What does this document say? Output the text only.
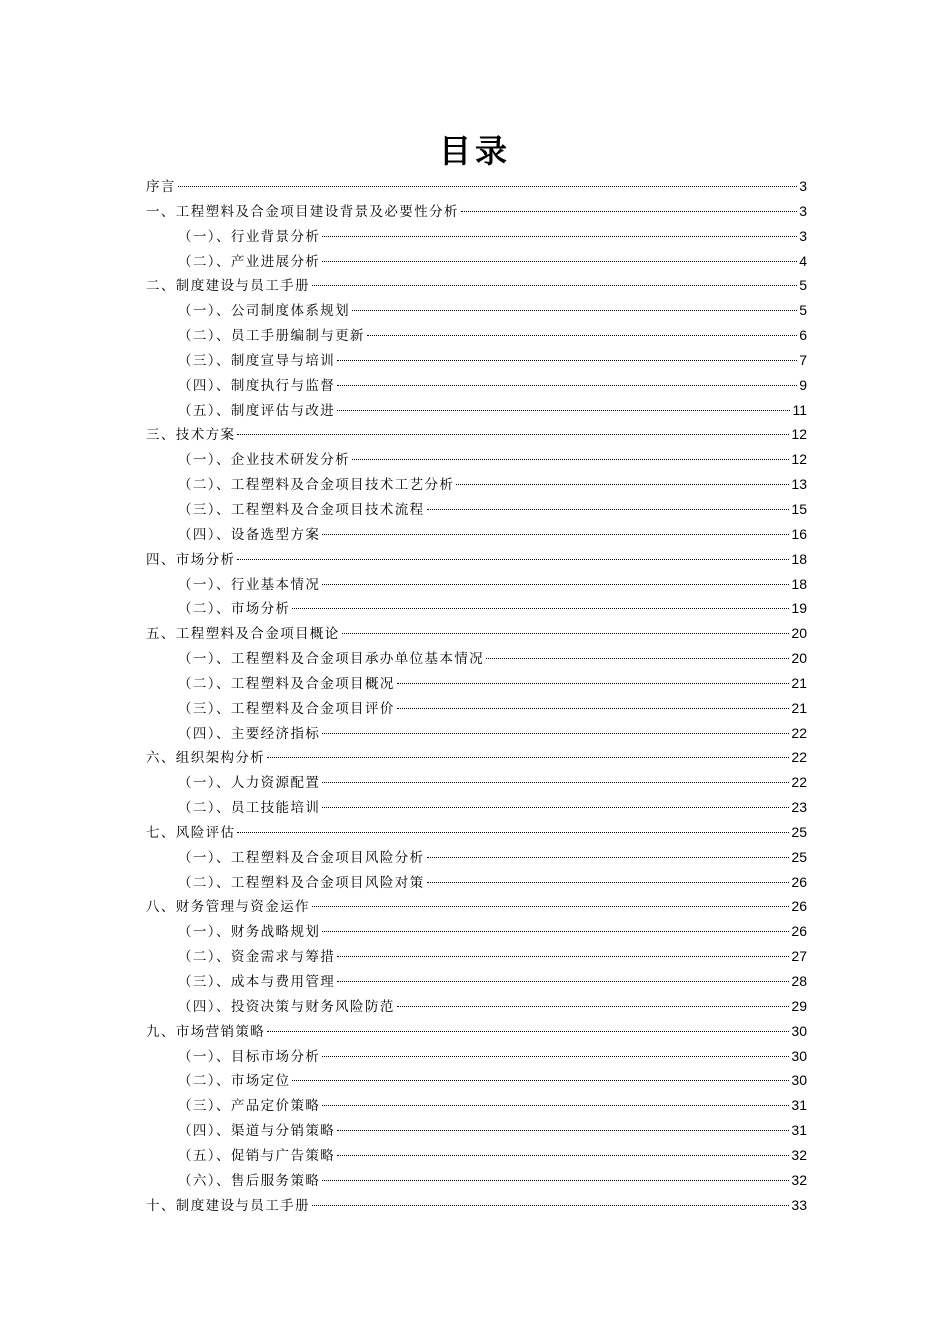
目录
序言	3
一、工程塑料及合金项目建设背景及必要性分析	3
（一）、行业背景分析	3
（二）、产业进展分析	4
二、制度建设与员工手册	5
（一）、公司制度体系规划	5
（二）、员工手册编制与更新	6
（三）、制度宣导与培训	7
（四）、制度执行与监督	9
（五）、制度评估与改进	11
三、技术方案	12
（一）、企业技术研发分析	12
（二）、工程塑料及合金项目技术工艺分析	13
（三）、工程塑料及合金项目技术流程	15
（四）、设备选型方案	16
四、市场分析	18
（一）、行业基本情况	18
（二）、市场分析	19
五、工程塑料及合金项目概论	20
（一）、工程塑料及合金项目承办单位基本情况	20
（二）、工程塑料及合金项目概况	21
（三）、工程塑料及合金项目评价	21
（四）、主要经济指标	22
六、组织架构分析	22
（一）、人力资源配置	22
（二）、员工技能培训	23
七、风险评估	25
（一）、工程塑料及合金项目风险分析	25
（二）、工程塑料及合金项目风险对策	26
八、财务管理与资金运作	26
（一）、财务战略规划	26
（二）、资金需求与筹措	27
（三）、成本与费用管理	28
（四）、投资决策与财务风险防范	29
九、市场营销策略	30
（一）、目标市场分析	30
（二）、市场定位	30
（三）、产品定价策略	31
（四）、渠道与分销策略	31
（五）、促销与广告策略	32
（六）、售后服务策略	32
十、制度建设与员工手册	33
